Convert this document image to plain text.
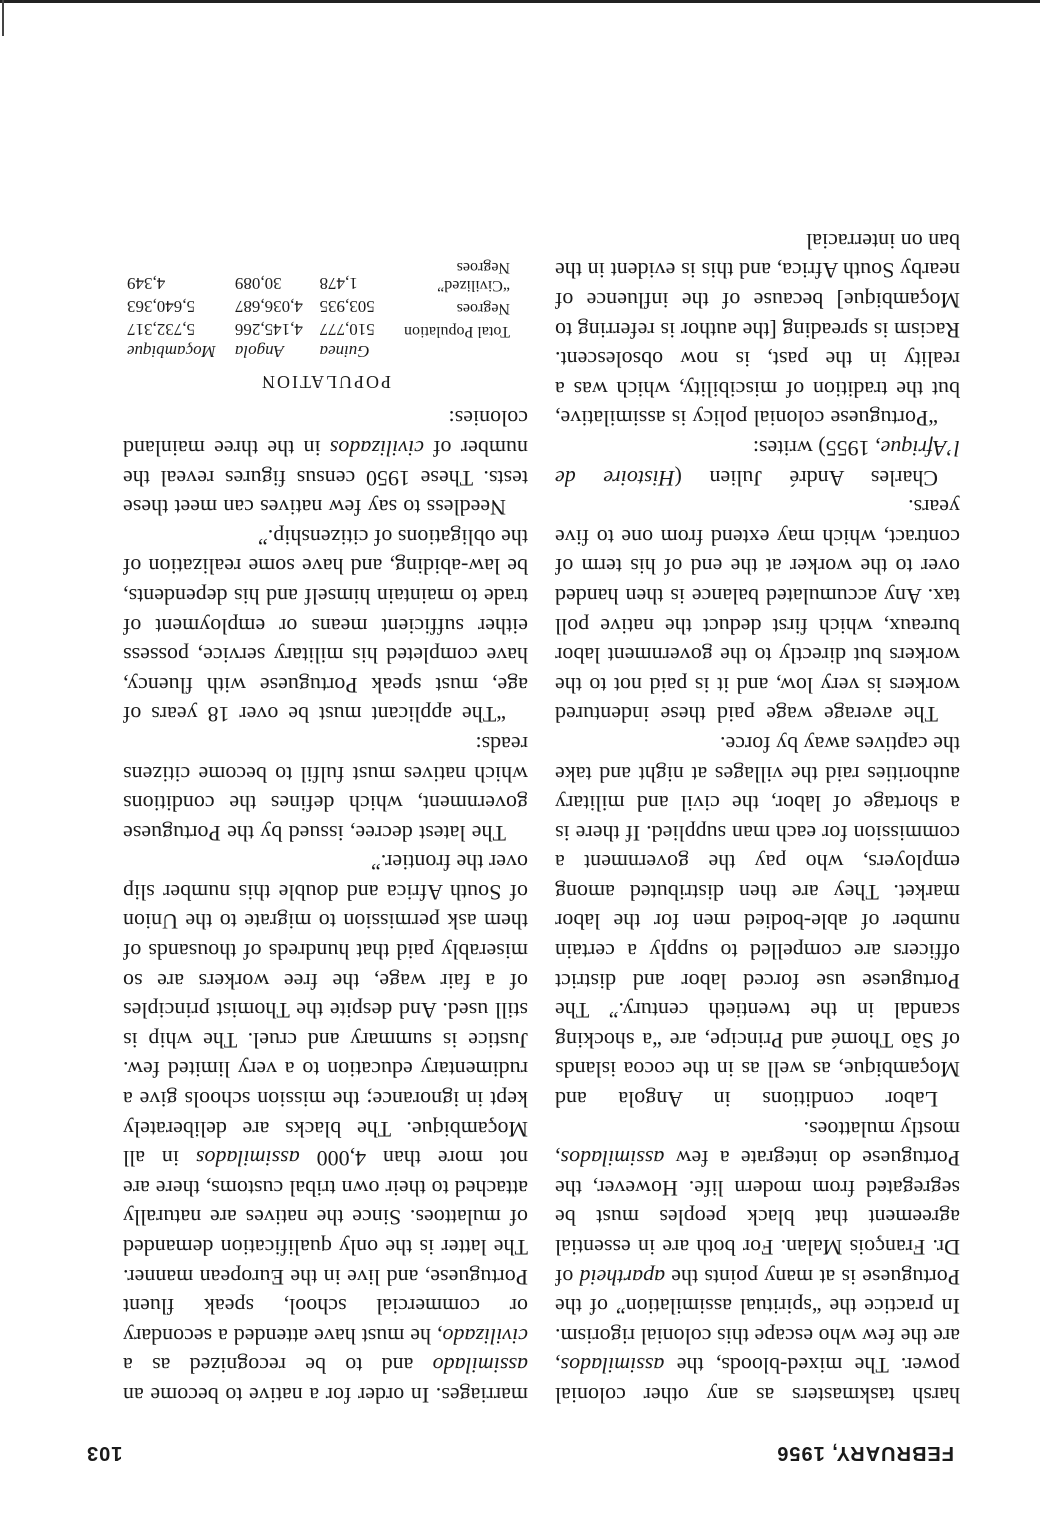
FEBRUARY, 1956
103

harsh taskmasters as any other colonial power. The mixed-bloods, the assimilados, are the few who escape this colonial rigorism. In practice the “spiritual assimilation” of the Portuguese is at many points the apartheid of Dr. François Malan. For both are in essential agreement that black peoples must be segregated from modern life. However, the Portuguese do integrate a few assimilados, mostly mulattoes.

Labor conditions in Angola and Moçambique, as well as in the cocoa islands of São Thomé and Principe, are “a shocking scandal in the twentieth century.” The Portuguese use forced labor and district officers are compelled to supply a certain number of able-bodied men for the labor market. They are then distributed among employers, who pay the government a commission for each man supplied. If there is a shortage of labor, the civil and military authorities raid the villages at night and take the captives away by force.

The average wage paid these indentured workers is very low, and it is paid not to the workers but directly to the government labor bureaux, which first deduct the native poll tax. Any accumulated balance is then handed over to the worker at the end of his term of contract, which may extend from one to five years.

Charles André Julien (Histoire de l’Afrique, 1955) writes:

“Portuguese colonial policy is assimilative, but the tradition of miscibility, which was a reality in the past, is now obsolescent. Racism is spreading [the author is referring to Moçambique] because of the influence of nearby South Africa, and this is evident in the ban on interracial

marriages. In order for a native to become an assimilado and to be recognized as a civilizado, he must have attended a secondary or commercial school, speak fluent Portuguese, and live in the European manner. The latter is the only qualification demanded of mulattoes. Since the natives are naturally attached to their own tribal customs, there are not more than 4,000 assimilados in all Moçambique. The blacks are deliberately kept in ignorance; the mission schools give a rudimentary education to a very limited few. Justice is summary and cruel. The whip is still used. And despite the Thomist principles of a fair wage, the free workers are so miserably paid that hundreds of thousands of them ask permission to migrate to the Union of South Africa and double this number slip over the frontier.”

The latest decree, issued by the Portuguese government, which defines the conditions which natives must fulfil to become citizens reads:

“The applicant must be over 18 years of age, must speak Portuguese with fluency, have completed his military service, possess either sufficient means or employment of trade to maintain himself and his dependents, be law-abiding, and have some realization of the obligations of citizenship.”

Needless to say few natives can meet these tests. These 1950 census figures reveal the number of civilizados in the three mainland colonies:

POPULATION
	Guinea	Angola	Moçambique
Total Population	510,777	4,145,266	5,732,317
Negroes	503,935	4,036,687	5,640,363
“Civilized” Negroes	1,478	30,089	4,349
